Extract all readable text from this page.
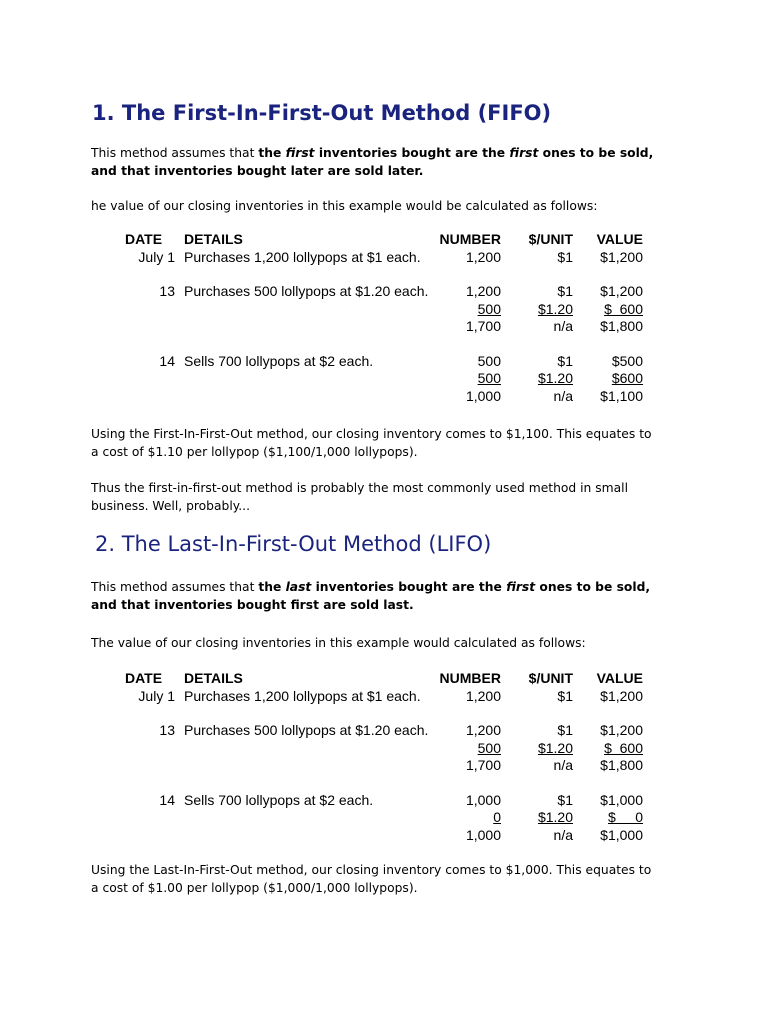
1. The First-In-First-Out Method (FIFO)
This method assumes that the first inventories bought are the first ones to be sold,
and that inventories bought later are sold later.
he value of our closing inventories in this example would be calculated as follows:
DATE	DETAILS	NUMBER	$/UNIT	VALUE
July 1 Purchases 1,200 lollypops at $1 each.	1,200	$1	$1,200
13 Purchases 500 lollypops at $1.20 each.	1,200	$1	$1,200
500	$1.20	$  600
1,700	n/a	$1,800
14 Sells 700 lollypops at $2 each.	500	$1	$500
500	$1.20	$600
1,000	n/a	$1,100
Using the First-In-First-Out method, our closing inventory comes to $1,100. This equates to
a cost of $1.10 per lollypop ($1,100/1,000 lollypops).
Thus the first-in-first-out method is probably the most commonly used method in small
business. Well, probably...
2. The Last-In-First-Out Method (LIFO)
This method assumes that the last inventories bought are the first ones to be sold,
and that inventories bought first are sold last.
The value of our closing inventories in this example would calculated as follows:
DATE	DETAILS	NUMBER	$/UNIT	VALUE
July 1 Purchases 1,200 lollypops at $1 each.	1,200	$1	$1,200
13 Purchases 500 lollypops at $1.20 each.	1,200	$1	$1,200
500	$1.20	$  600
1,700	n/a	$1,800
14 Sells 700 lollypops at $2 each.	1,000	$1	$1,000
0	$1.20	$     0
1,000	n/a	$1,000
Using the Last-In-First-Out method, our closing inventory comes to $1,000. This equates to
a cost of $1.00 per lollypop ($1,000/1,000 lollypops).
